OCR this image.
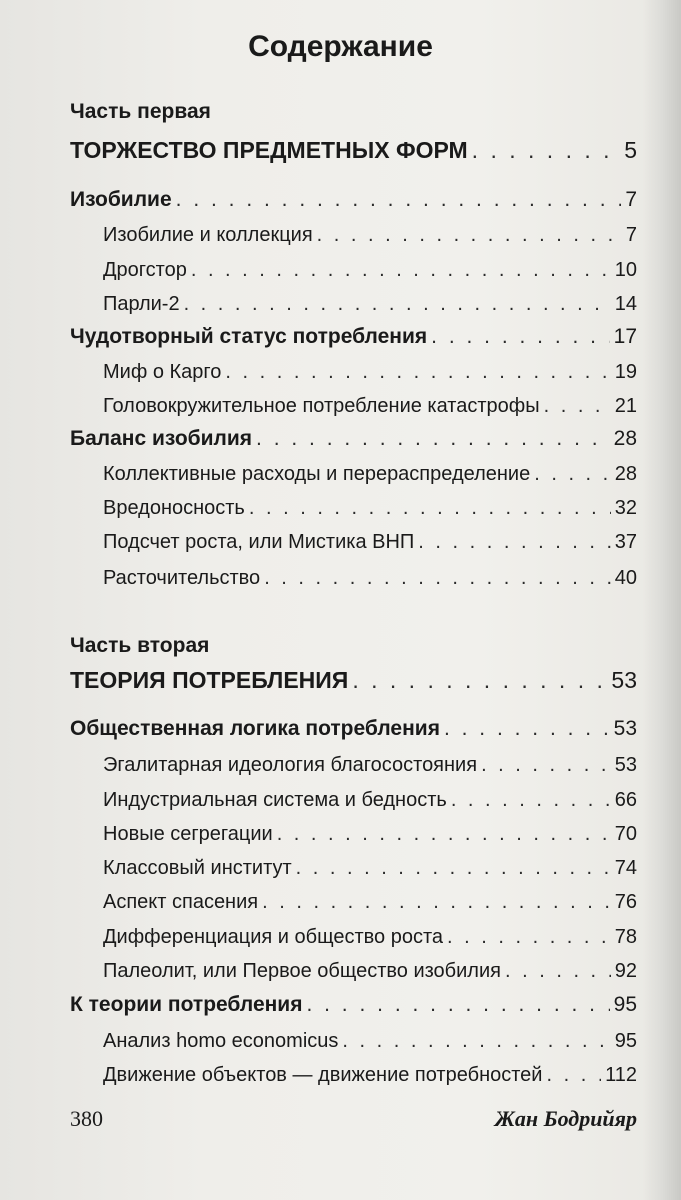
Содержание
Часть первая
ТОРЖЕСТВО ПРЕДМЕТНЫХ ФОРМ . . .	5
Изобилие . . .	7
Изобилие и коллекция . . .	7
Дрогстор . . .	10
Парли-2 . . .	14
Чудотворный статус потребления . . .	17
Миф о Карго . . .	19
Головокружительное потребление катастрофы . . .	21
Баланс изобилия . . .	28
Коллективные расходы и перераспределение . . .	28
Вредоносность . . .	32
Подсчет роста, или Мистика ВНП . . .	37
Расточительство . . .	40
Часть вторая
ТЕОРИЯ ПОТРЕБЛЕНИЯ . . .	53
Общественная логика потребления . . .	53
Эгалитарная идеология благосостояния . . .	53
Индустриальная система и бедность . . .	66
Новые сегрегации . . .	70
Классовый институт . . .	74
Аспект спасения . . .	76
Дифференциация и общество роста . . .	78
Палеолит, или Первое общество изобилия . . .	92
К теории потребления . . .	95
Анализ homo economicus . . .	95
Движение объектов — движение потребностей . . .	112
380	Жан Бодрийяр
